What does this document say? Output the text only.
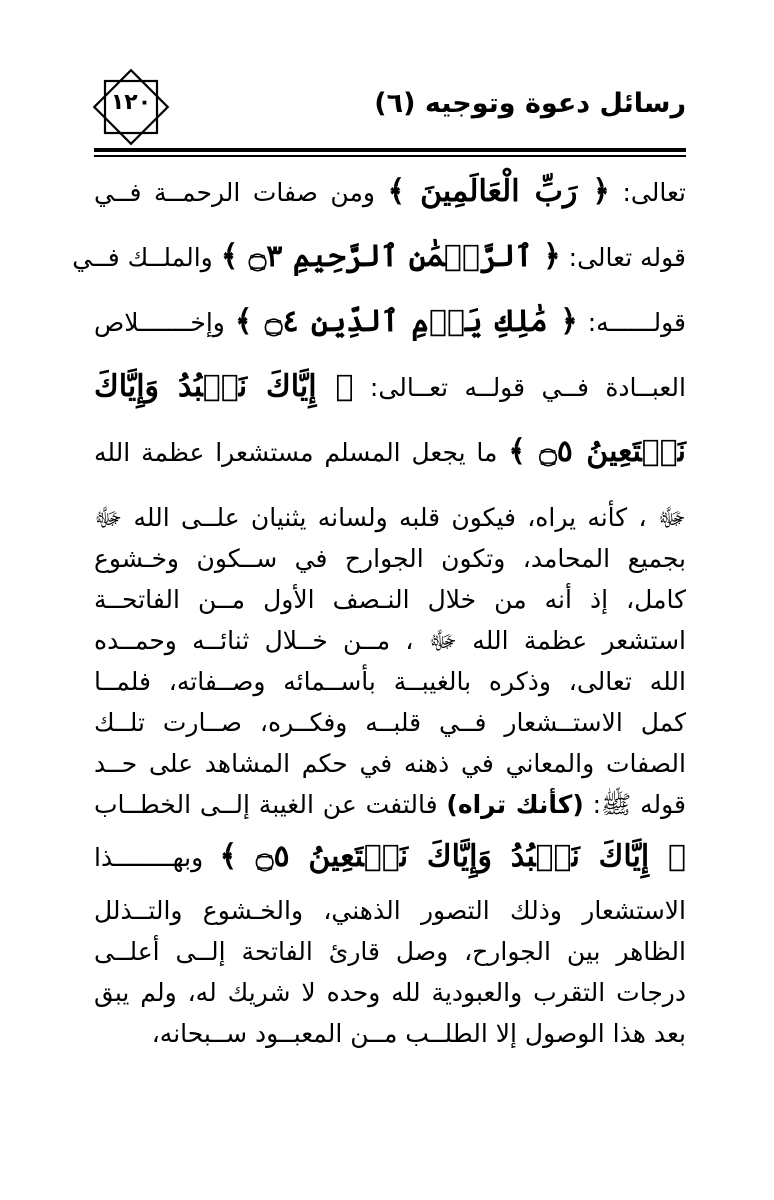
رسائل دعوة وتوجيه (٦)
١٢٠
تعالى: ﴿ رَبِّ الْعَالَمِينَ ﴾ ومن صفات الرحمــة فــي
قوله تعالى: ﴿ ٱلرَّحۡمَٰنِ ٱلرَّحِيمِ ۝٣ ﴾ والملــك فــي
قولــــــه: ﴿ مَٰلِكِ يَوۡمِ ٱلدِّينِ ۝٤ ﴾ وإخـــــــلاص
العبــادة فــي قولــه تعــالى: ﴿ إِيَّاكَ نَعۡبُدُ وَإِيَّاكَ
نَسۡتَعِينُ ۝٥ ﴾ ما يجعل المسلم مستشعرا عظمة الله
ﷻ ، كأنه يراه، فيكون قلبه ولسانه يثنيان علــى الله ﷻ
بجميع المحامد، وتكون الجوارح في ســكون وخـشوع
كامل، إذ أنه من خلال النـصف الأول مــن الفاتحــة
استشعر عظمة الله ﷻ ، مــن خــلال ثنائــه وحمــده
الله تعالى، وذكره بالغيبــة بأســمائه وصــفاته، فلمــا
كمل الاستــشعار فــي قلبــه وفكــره، صــارت تلــك
الصفات والمعاني في ذهنه في حكم المشاهد على حــد
قوله ﷺ: (كأنك تراه) فالتفت عن الغيبة إلــى الخطــاب
﴿ إِيَّاكَ نَعۡبُدُ وَإِيَّاكَ نَسۡتَعِينُ ۝٥ ﴾ وبهــــــــذا
الاستشعار وذلك التصور الذهني، والخـشوع والتــذلل
الظاهر بين الجوارح، وصل قارئ الفاتحة إلــى أعلــى
درجات التقرب والعبودية لله وحده لا شريك له، ولم يبق
بعد هذا الوصول إلا الطلــب مــن المعبــود ســبحانه،
